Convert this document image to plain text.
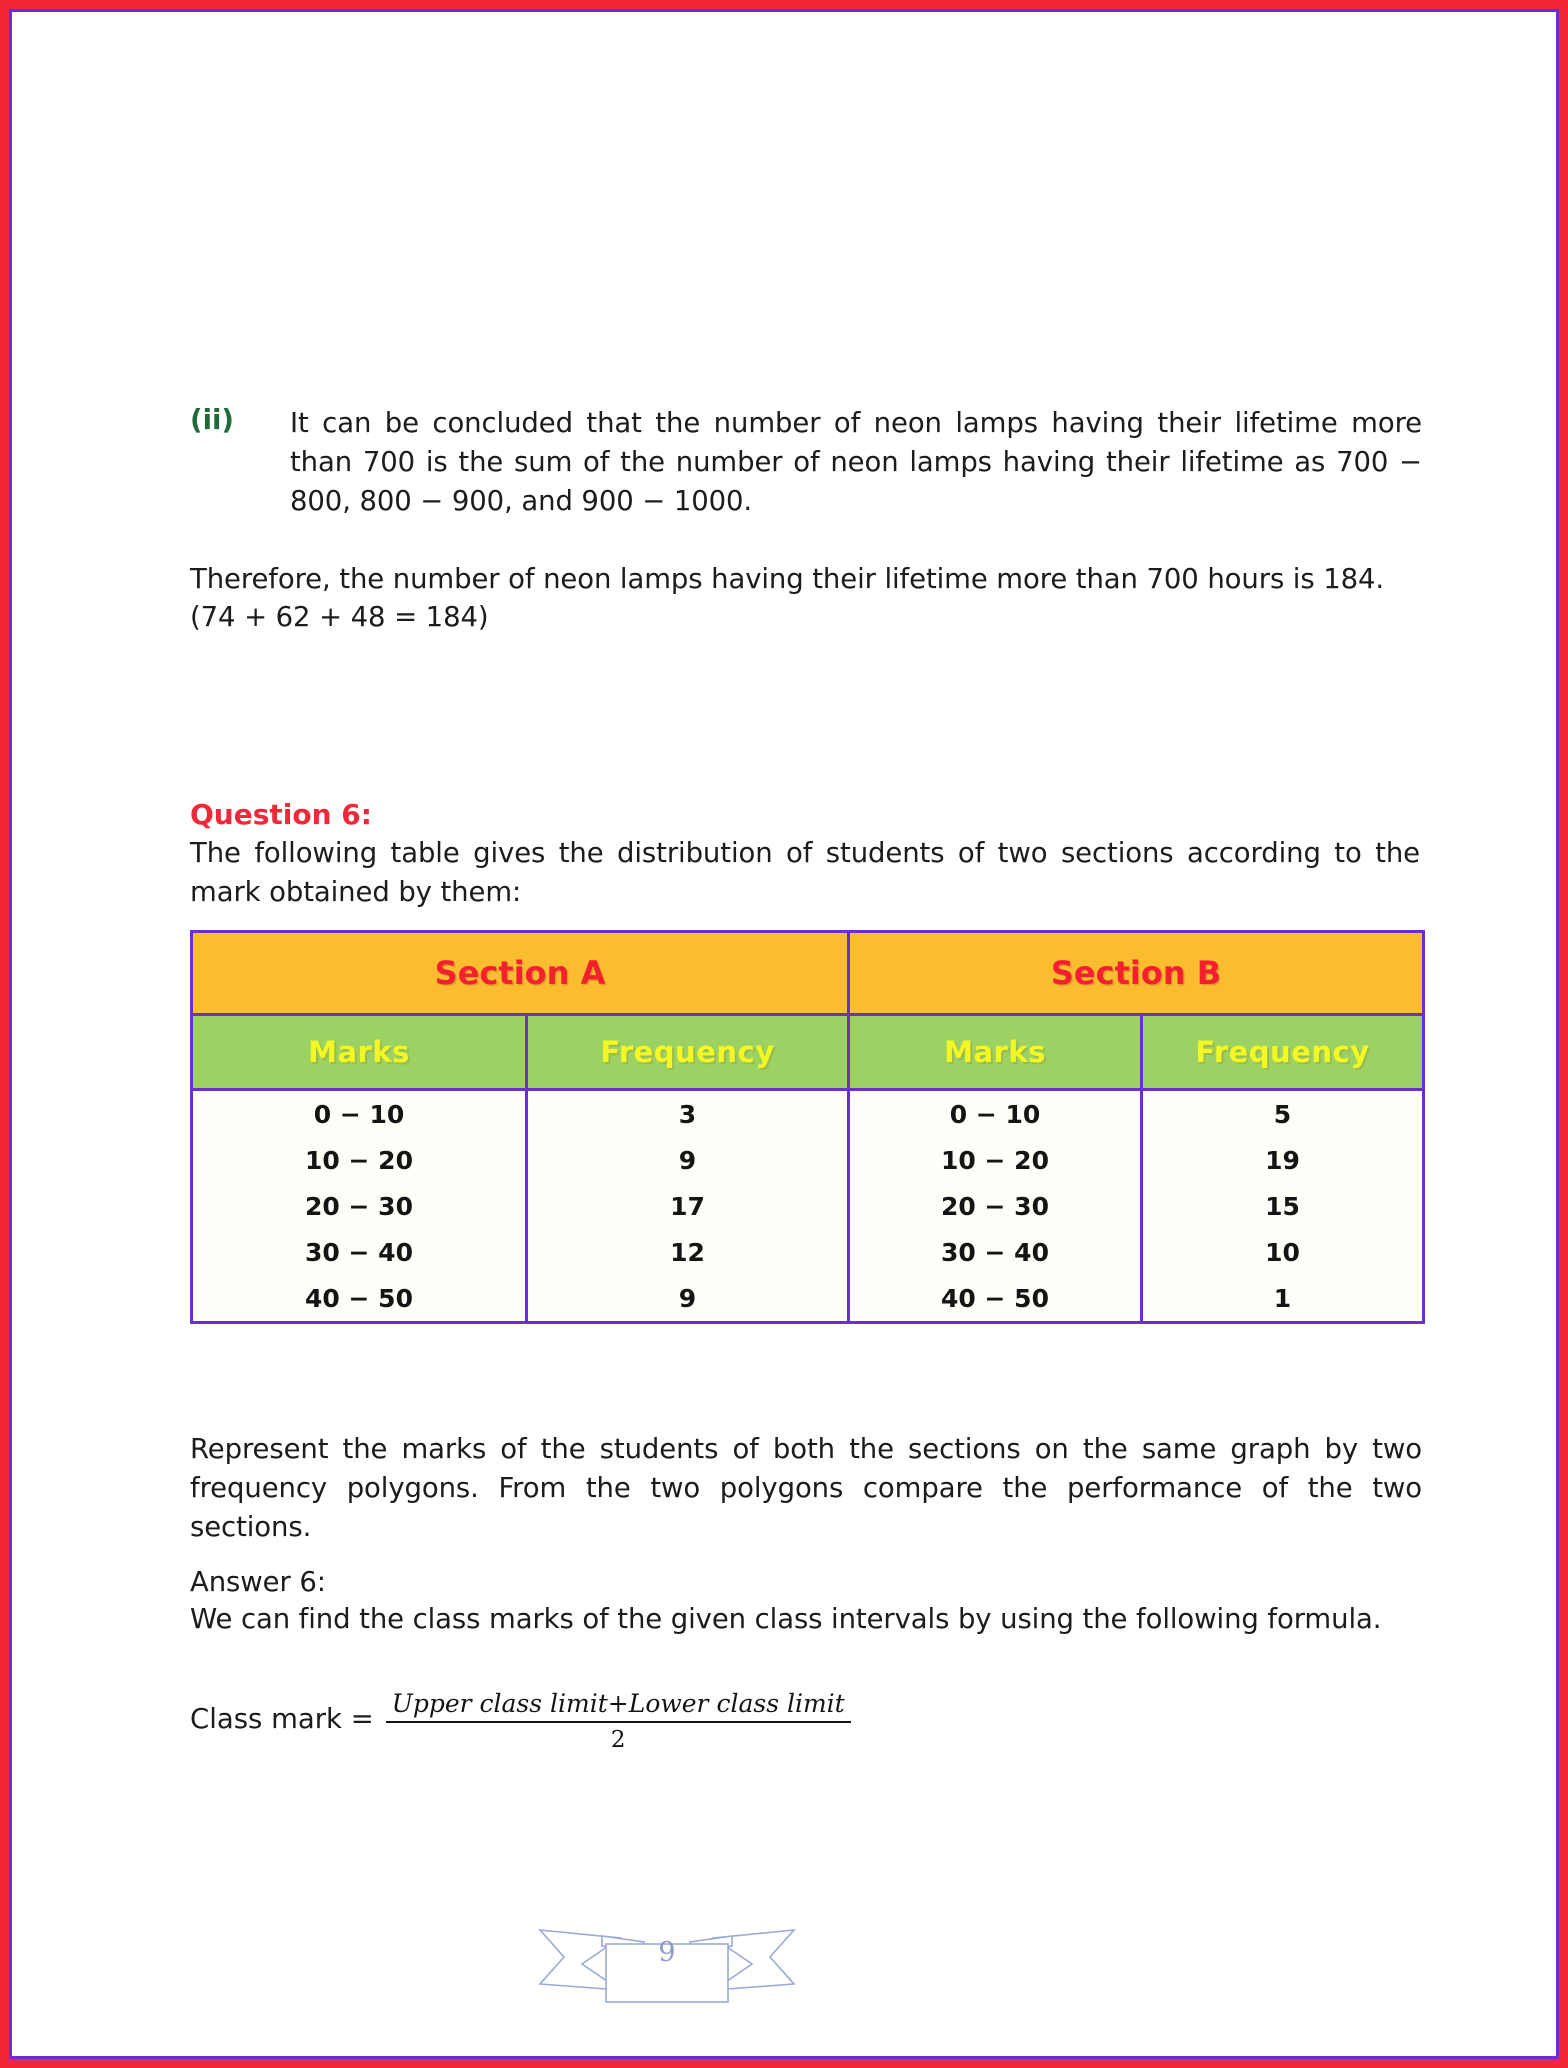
(ii)	It can be concluded that the number of neon lamps having their lifetime more than 700 is the sum of the number of neon lamps having their lifetime as 700 − 800, 800 − 900, and 900 − 1000.
Therefore, the number of neon lamps having their lifetime more than 700 hours is 184.
(74 + 62 + 48 = 184)
Question 6:
The following table gives the distribution of students of two sections according to the mark obtained by them:
Section A		Section B	
Marks	Frequency	Marks	Frequency
0 − 10	3	0 − 10	5
10 − 20	9	10 − 20	19
20 − 30	17	20 − 30	15
30 − 40	12	30 − 40	10
40 − 50	9	40 − 50	1
Represent the marks of the students of both the sections on the same graph by two frequency polygons. From the two polygons compare the performance of the two sections.
Answer 6:
We can find the class marks of the given class intervals by using the following formula.
Class mark = $\frac{\text{Upper class limit+Lower class limit}}{2}$
9
